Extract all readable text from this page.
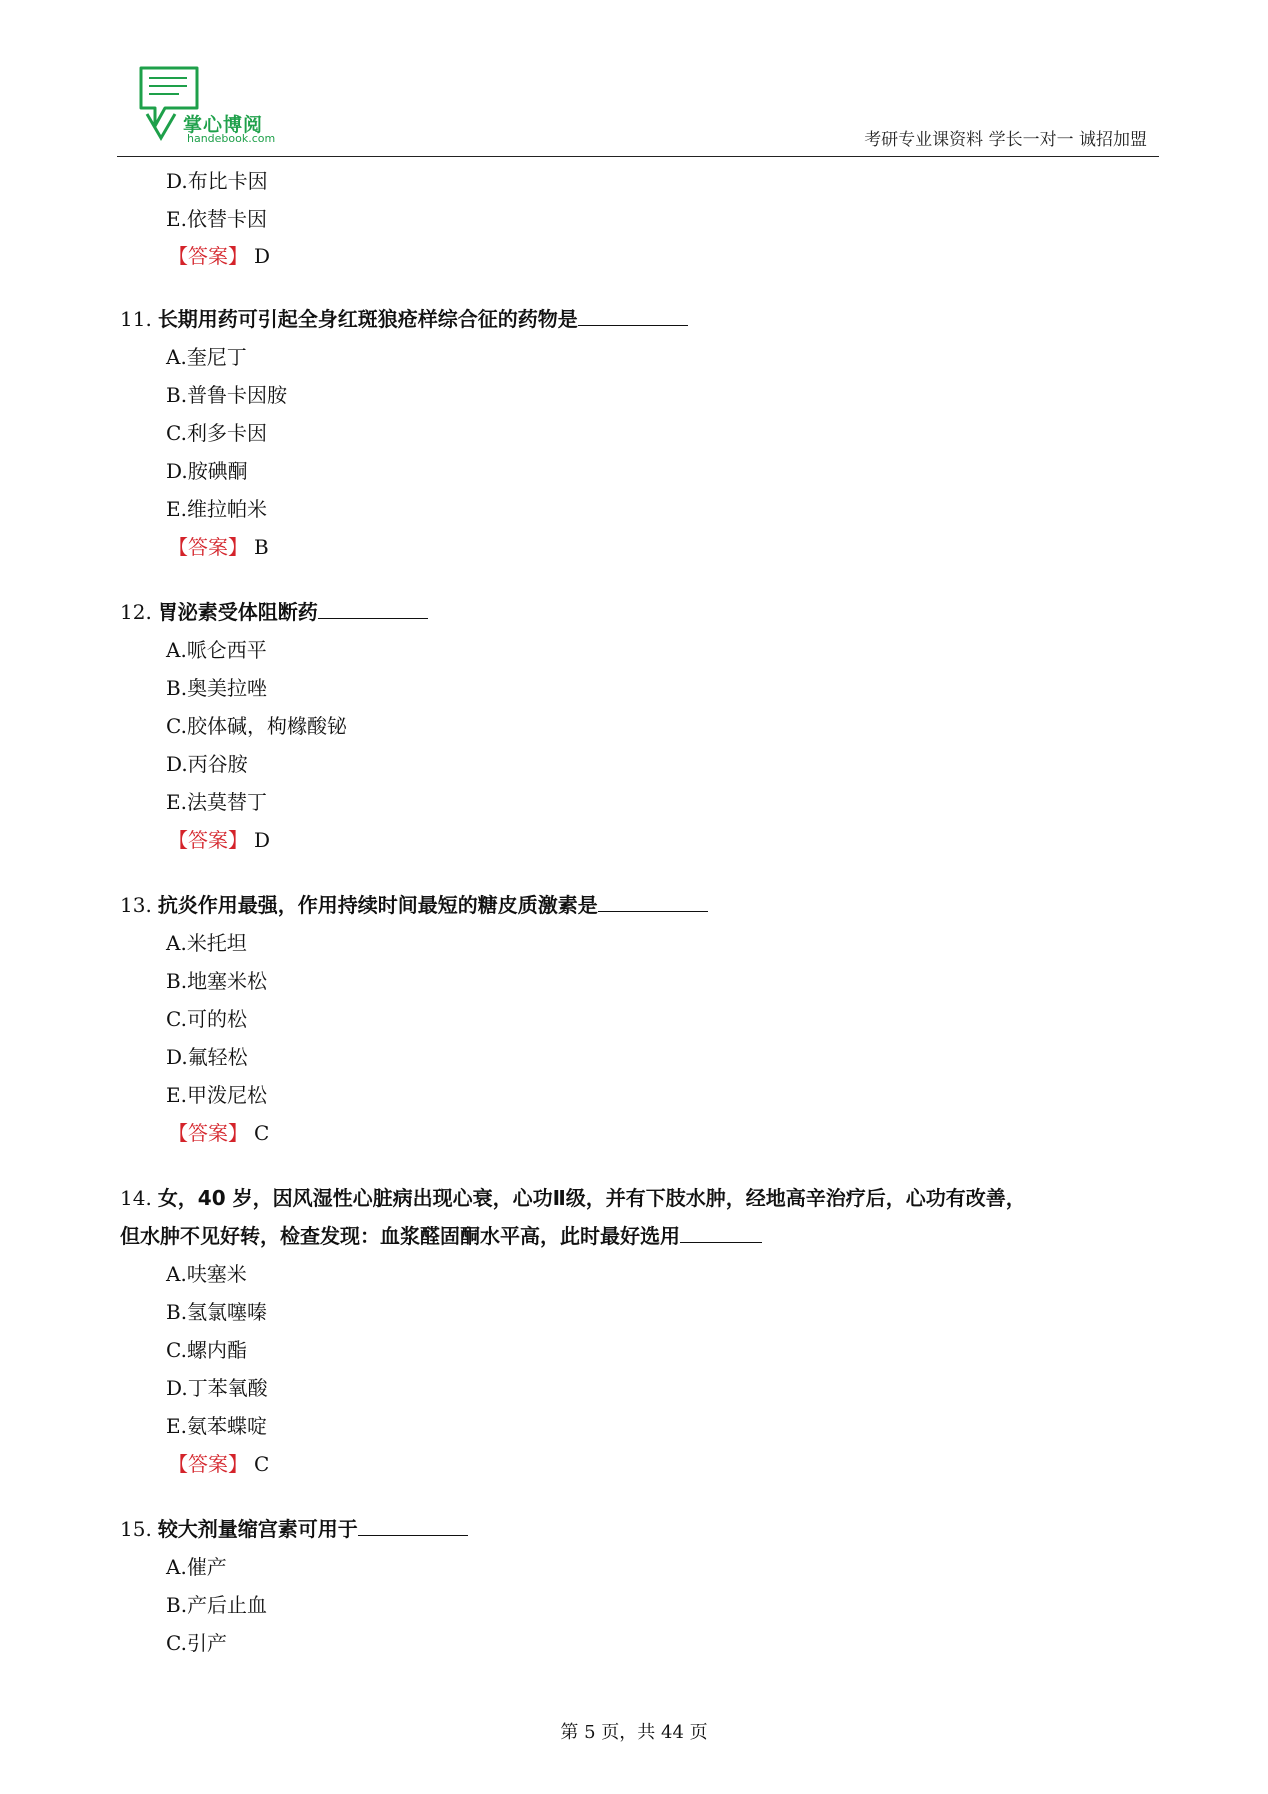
掌心博阅
handebook.com	考研专业课资料 学长一对一 诚招加盟
D.布比卡因
E.依替卡因
【答案】 D
11. 长期用药可引起全身红斑狼疮样综合征的药物是
A.奎尼丁
B.普鲁卡因胺
C.利多卡因
D.胺碘酮
E.维拉帕米
【答案】 B
12. 胃泌素受体阻断药
A.哌仑西平
B.奥美拉唑
C.胶体碱，枸橼酸铋
D.丙谷胺
E.法莫替丁
【答案】 D
13. 抗炎作用最强，作用持续时间最短的糖皮质激素是
A.米托坦
B.地塞米松
C.可的松
D.氟轻松
E.甲泼尼松
【答案】 C
14. 女，40 岁，因风湿性心脏病出现心衰，心功Ⅱ级，并有下肢水肿，经地高辛治疗后，心功有改善，
但水肿不见好转，检查发现：血浆醛固酮水平高，此时最好选用
A.呋塞米
B.氢氯噻嗪
C.螺内酯
D.丁苯氧酸
E.氨苯蝶啶
【答案】 C
15. 较大剂量缩宫素可用于
A.催产
B.产后止血
C.引产
第 5 页，共 44 页
